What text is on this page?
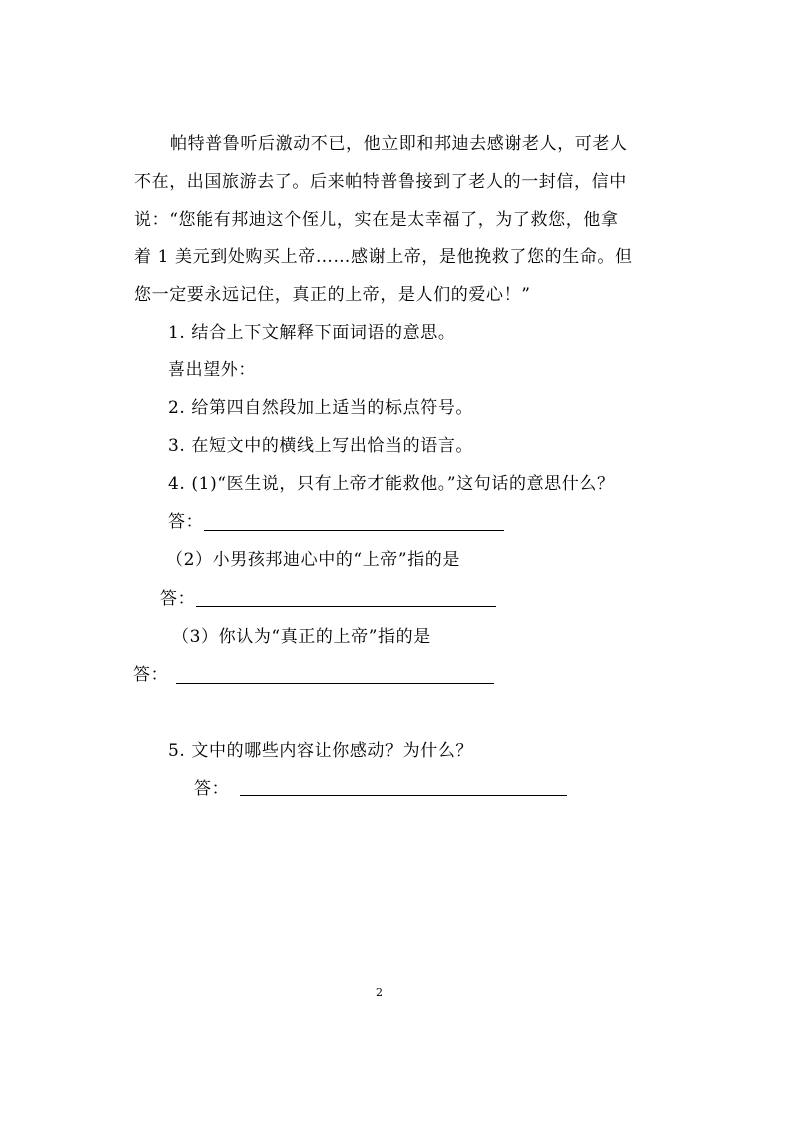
帕特普鲁听后激动不已，他立即和邦迪去感谢老人，可老人
不在，出国旅游去了。后来帕特普鲁接到了老人的一封信，信中
说：“您能有邦迪这个侄儿，实在是太幸福了，为了救您，他拿
着 1 美元到处购买上帝……感谢上帝，是他挽救了您的生命。但
您一定要永远记住，真正的上帝，是人们的爱心！”
1. 结合上下文解释下面词语的意思。
喜出望外：
2. 给第四自然段加上适当的标点符号。
3. 在短文中的横线上写出恰当的语言。
4. (1)“医生说，只有上帝才能救他。”这句话的意思什么？
答：
（2）小男孩邦迪心中的“上帝”指的是
答：
（3）你认为“真正的上帝”指的是
答：
5. 文中的哪些内容让你感动？为什么？
答：
2
